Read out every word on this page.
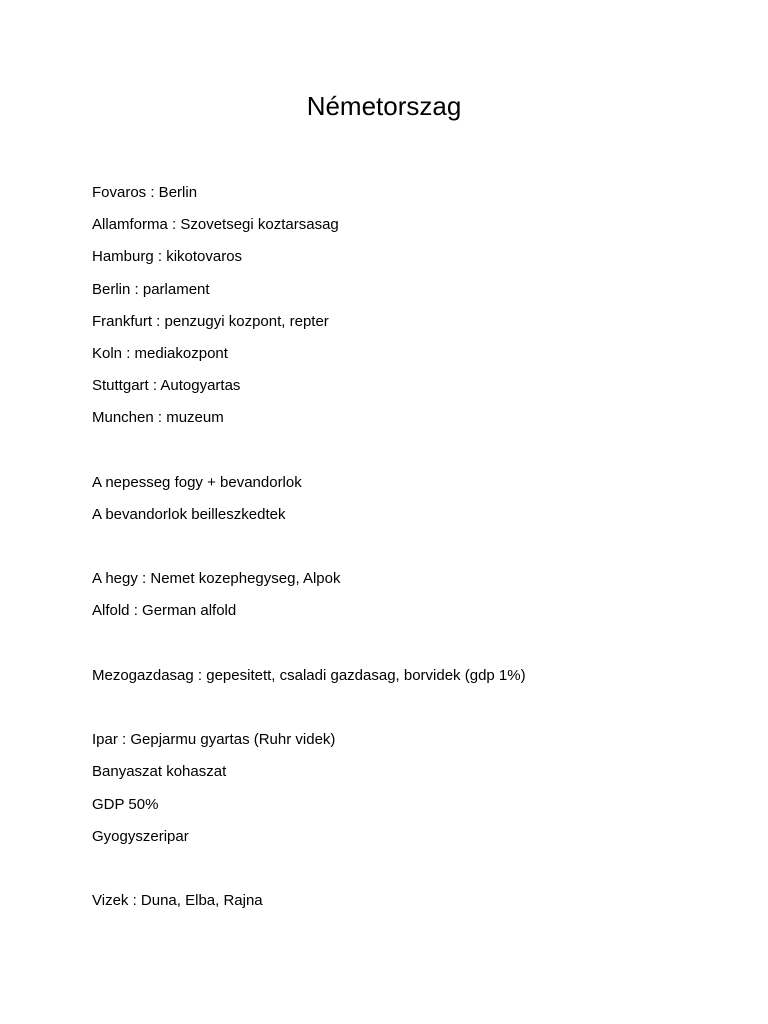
Németorszag

Fovaros : Berlin

Allamforma : Szovetsegi koztarsasag

Hamburg : kikotovaros

Berlin : parlament

Frankfurt : penzugyi kozpont, repter

Koln : mediakozpont

Stuttgart : Autogyartas

Munchen : muzeum

A nepesseg fogy + bevandorlok

A bevandorlok beilleszkedtek

A hegy : Nemet kozephegyseg, Alpok

Alfold : German alfold

Mezogazdasag : gepesitett, csaladi gazdasag, borvidek (gdp 1%)

Ipar : Gepjarmu gyartas (Ruhr videk)

Banyaszat kohaszat

GDP 50%

Gyogyszeripar

Vizek : Duna, Elba, Rajna
